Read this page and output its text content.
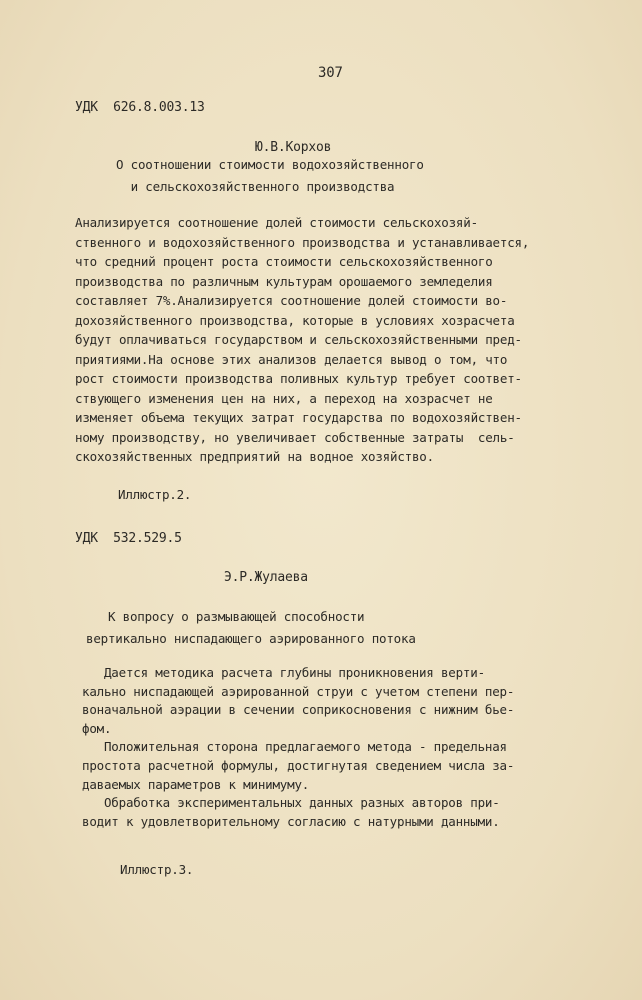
307
УДК  626.8.003.13
Ю.В.Корхов
О соотношении стоимости водохозяйственного
и сельскохозяйственного производства
Анализируется соотношение долей стоимости сельскохозяй-
ственного и водохозяйственного производства и устанавливается,
что средний процент роста стоимости сельскохозяйственного
производства по различным культурам орошаемого земледелия
составляет 7%.Анализируется соотношение долей стоимости во-
дохозяйственного производства, которые в условиях хозрасчета
будут оплачиваться государством и сельскохозяйственными пред-
приятиями.На основе этих анализов делается вывод о том, что
рост стоимости производства поливных культур требует соответ-
ствующего изменения цен на них, а переход на хозрасчет не
изменяет объема текущих затрат государства по водохозяйствен-
ному производству, но увеличивает собственные затраты  сель-
скохозяйственных предприятий на водное хозяйство.
Иллюстр.2.
УДК  532.529.5
Э.Р.Жулаева
К вопросу о размывающей способности
вертикально ниспадающего аэрированного потока
Дается методика расчета глубины проникновения верти-
кально ниспадающей аэрированной струи с учетом степени пер-
воначальной аэрации в сечении соприкосновения с нижним бье-
фом.
Положительная сторона предлагаемого метода - предельная
простота расчетной формулы, достигнутая сведением числа за-
даваемых параметров к минимуму.
Обработка экспериментальных данных разных авторов при-
водит к удовлетворительному согласию с натурными данными.
Иллюстр.3.
